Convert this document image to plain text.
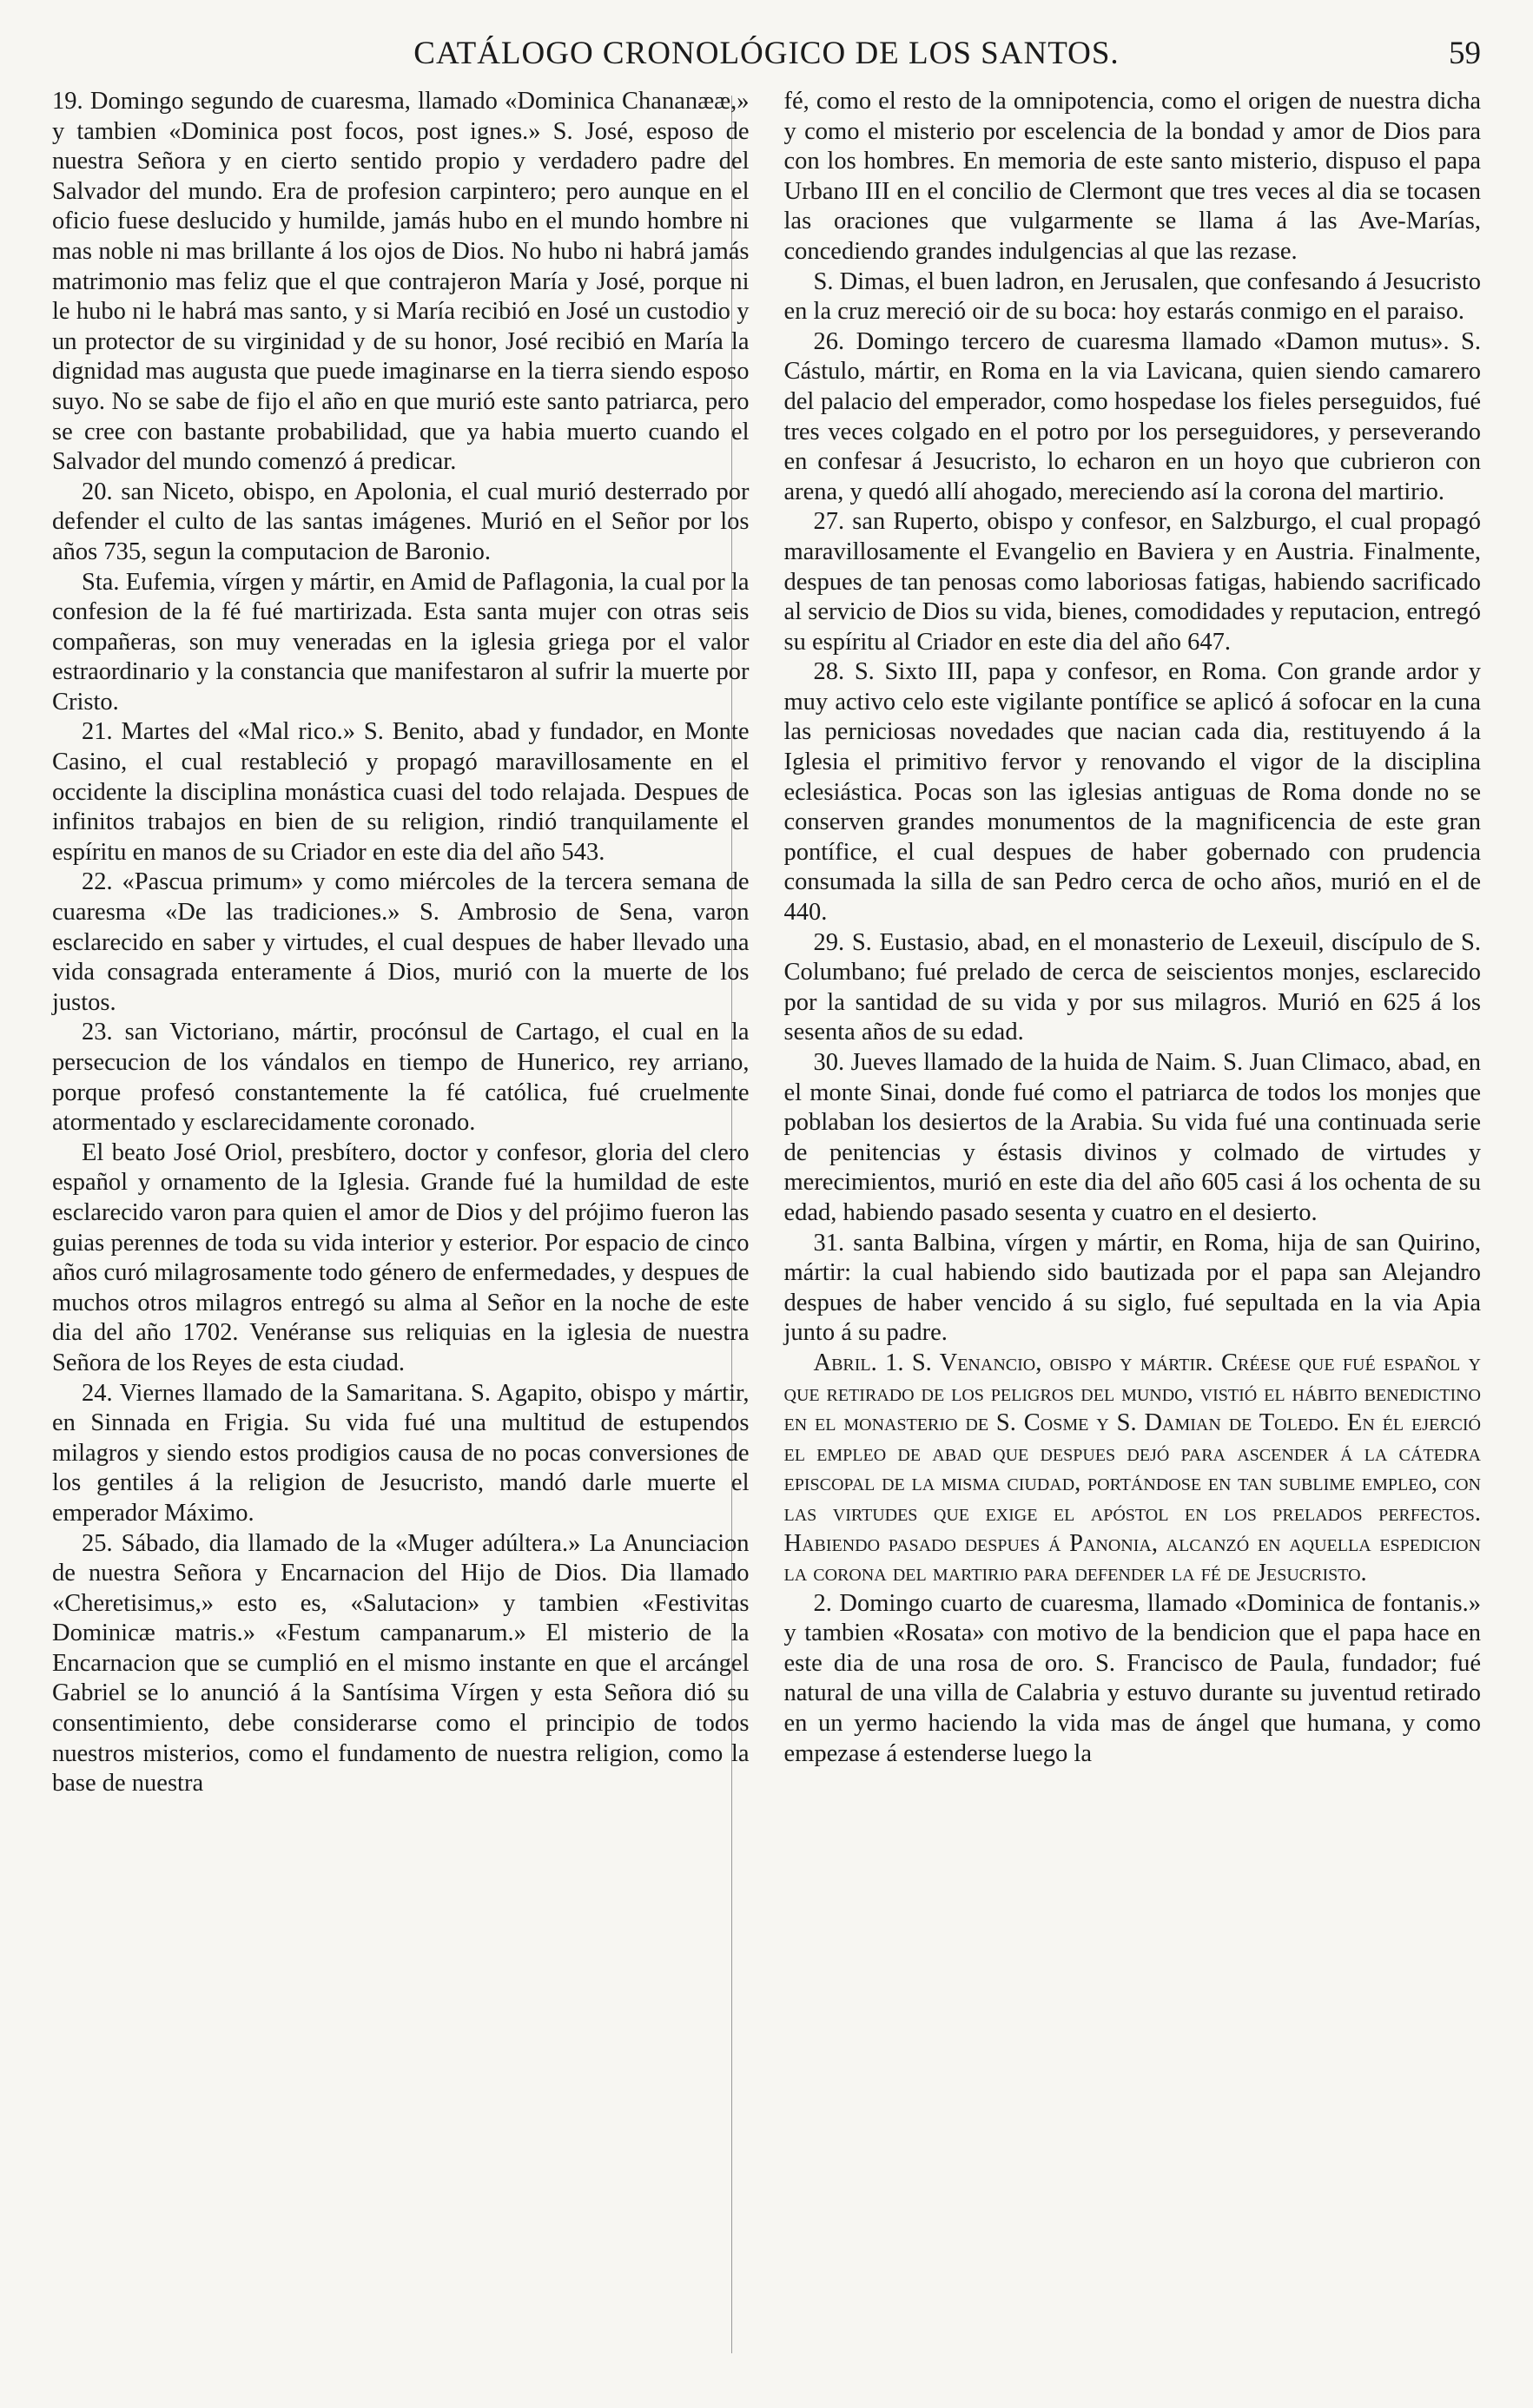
CATÁLOGO CRONOLÓGICO DE LOS SANTOS.	59

19. Domingo segundo de cuaresma, llamado «Dominica Chananææ,» y tambien «Dominica post focos, post ignes.» S. José, esposo de nuestra Señora y en cierto sentido propio y verdadero padre del Salvador del mundo. Era de profesion carpintero; pero aunque en el oficio fuese deslucido y humilde, jamás hubo en el mundo hombre ni mas noble ni mas brillante á los ojos de Dios. No hubo ni habrá jamás matrimonio mas feliz que el que contrajeron María y José, porque ni le hubo ni le habrá mas santo, y si María recibió en José un custodio y un protector de su virginidad y de su honor, José recibió en María la dignidad mas augusta que puede imaginarse en la tierra siendo esposo suyo. No se sabe de fijo el año en que murió este santo patriarca, pero se cree con bastante probabilidad, que ya habia muerto cuando el Salvador del mundo comenzó á predicar.

20. san Niceto, obispo, en Apolonia, el cual murió desterrado por defender el culto de las santas imágenes. Murió en el Señor por los años 735, segun la computacion de Baronio.

Sta. Eufemia, vírgen y mártir, en Amid de Paflagonia, la cual por la confesion de la fé fué martirizada. Esta santa mujer con otras seis compañeras, son muy veneradas en la iglesia griega por el valor estraordinario y la constancia que manifestaron al sufrir la muerte por Cristo.

21. Martes del «Mal rico.» S. Benito, abad y fundador, en Monte Casino, el cual restableció y propagó maravillosamente en el occidente la disciplina monástica cuasi del todo relajada. Despues de infinitos trabajos en bien de su religion, rindió tranquilamente el espíritu en manos de su Criador en este dia del año 543.

22. «Pascua primum» y como miércoles de la tercera semana de cuaresma «De las tradiciones.» S. Ambrosio de Sena, varon esclarecido en saber y virtudes, el cual despues de haber llevado una vida consagrada enteramente á Dios, murió con la muerte de los justos.

23. san Victoriano, mártir, procónsul de Cartago, el cual en la persecucion de los vándalos en tiempo de Hunerico, rey arriano, porque profesó constantemente la fé católica, fué cruelmente atormentado y esclarecidamente coronado.

El beato José Oriol, presbítero, doctor y confesor, gloria del clero español y ornamento de la Iglesia. Grande fué la humildad de este esclarecido varon para quien el amor de Dios y del prójimo fueron las guias perennes de toda su vida interior y esterior. Por espacio de cinco años curó milagrosamente todo género de enfermedades, y despues de muchos otros milagros entregó su alma al Señor en la noche de este dia del año 1702. Venéranse sus reliquias en la iglesia de nuestra Señora de los Reyes de esta ciudad.

24. Viernes llamado de la Samaritana. S. Agapito, obispo y mártir, en Sinnada en Frigia. Su vida fué una multitud de estupendos milagros y siendo estos prodigios causa de no pocas conversiones de los gentiles á la religion de Jesucristo, mandó darle muerte el emperador Máximo.

25. Sábado, dia llamado de la «Muger adúltera.» La Anunciacion de nuestra Señora y Encarnacion del Hijo de Dios. Dia llamado «Cheretisimus,» esto es, «Salutacion» y tambien «Festivitas Dominicæ matris.» «Festum campanarum.» El misterio de la Encarnacion que se cumplió en el mismo instante en que el arcángel Gabriel se lo anunció á la Santísima Vírgen y esta Señora dió su consentimiento, debe considerarse como el principio de todos nuestros misterios, como el fundamento de nuestra religion, como la base de nuestra

fé, como el resto de la omnipotencia, como el origen de nuestra dicha y como el misterio por escelencia de la bondad y amor de Dios para con los hombres. En memoria de este santo misterio, dispuso el papa Urbano III en el concilio de Clermont que tres veces al dia se tocasen las oraciones que vulgarmente se llama á las Ave-Marías, concediendo grandes indulgencias al que las rezase.

S. Dimas, el buen ladron, en Jerusalen, que confesando á Jesucristo en la cruz mereció oir de su boca: hoy estarás conmigo en el paraiso.

26. Domingo tercero de cuaresma llamado «Damon mutus». S. Cástulo, mártir, en Roma en la via Lavicana, quien siendo camarero del palacio del emperador, como hospedase los fieles perseguidos, fué tres veces colgado en el potro por los perseguidores, y perseverando en confesar á Jesucristo, lo echaron en un hoyo que cubrieron con arena, y quedó allí ahogado, mereciendo así la corona del martirio.

27. san Ruperto, obispo y confesor, en Salzburgo, el cual propagó maravillosamente el Evangelio en Baviera y en Austria. Finalmente, despues de tan penosas como laboriosas fatigas, habiendo sacrificado al servicio de Dios su vida, bienes, comodidades y reputacion, entregó su espíritu al Criador en este dia del año 647.

28. S. Sixto III, papa y confesor, en Roma. Con grande ardor y muy activo celo este vigilante pontífice se aplicó á sofocar en la cuna las perniciosas novedades que nacian cada dia, restituyendo á la Iglesia el primitivo fervor y renovando el vigor de la disciplina eclesiástica. Pocas son las iglesias antiguas de Roma donde no se conserven grandes monumentos de la magnificencia de este gran pontífice, el cual despues de haber gobernado con prudencia consumada la silla de san Pedro cerca de ocho años, murió en el de 440.

29. S. Eustasio, abad, en el monasterio de Lexeuil, discípulo de S. Columbano; fué prelado de cerca de seiscientos monjes, esclarecido por la santidad de su vida y por sus milagros. Murió en 625 á los sesenta años de su edad.

30. Jueves llamado de la huida de Naim. S. Juan Climaco, abad, en el monte Sinai, donde fué como el patriarca de todos los monjes que poblaban los desiertos de la Arabia. Su vida fué una continuada serie de penitencias y éstasis divinos y colmado de virtudes y merecimientos, murió en este dia del año 605 casi á los ochenta de su edad, habiendo pasado sesenta y cuatro en el desierto.

31. santa Balbina, vírgen y mártir, en Roma, hija de san Quirino, mártir: la cual habiendo sido bautizada por el papa san Alejandro despues de haber vencido á su siglo, fué sepultada en la via Apia junto á su padre.

Abril. 1. S. Venancio, obispo y mártir. Créese que fué español y que retirado de los peligros del mundo, vistió el hábito benedictino en el monasterio de S. Cosme y S. Damian de Toledo. En él ejerció el empleo de abad que despues dejó para ascender á la cátedra episcopal de la misma ciudad, portándose en tan sublime empleo, con las virtudes que exige el apóstol en los prelados perfectos. Habiendo pasado despues á Panonia, alcanzó en aquella espedicion la corona del martirio para defender la fé de Jesucristo.

2. Domingo cuarto de cuaresma, llamado «Dominica de fontanis.» y tambien «Rosata» con motivo de la bendicion que el papa hace en este dia de una rosa de oro. S. Francisco de Paula, fundador; fué natural de una villa de Calabria y estuvo durante su juventud retirado en un yermo haciendo la vida mas de ángel que humana, y como empezase á estenderse luego la
